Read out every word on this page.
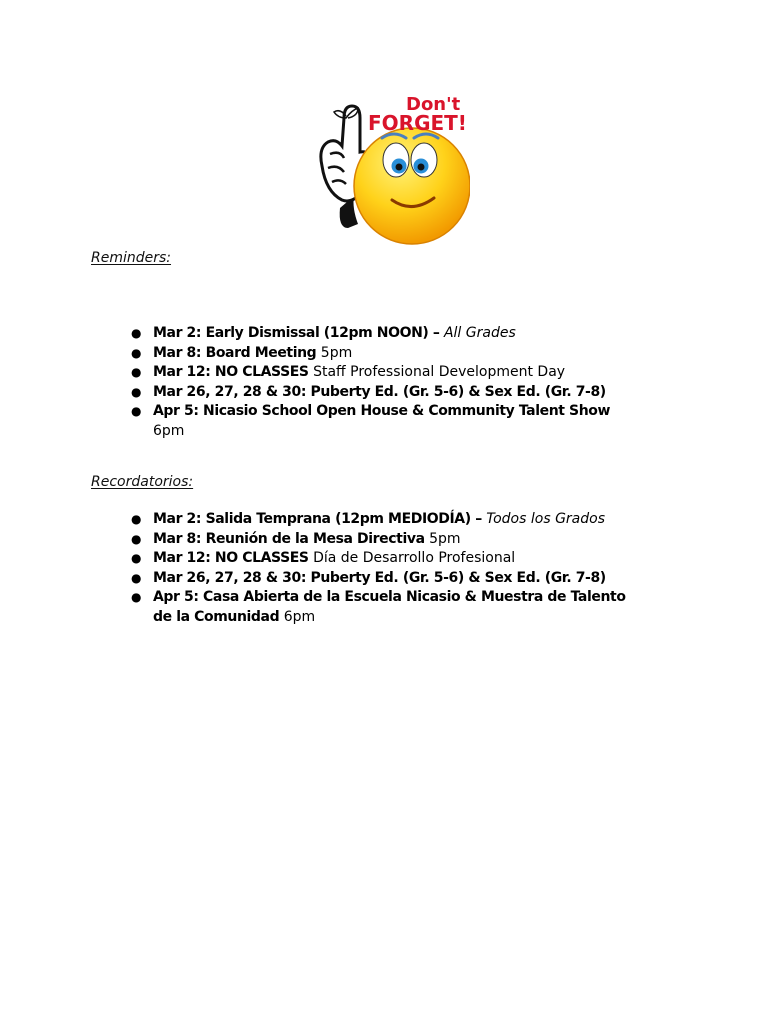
Don't
FORGET!
Reminders:
● Mar 2: Early Dismissal (12pm NOON) – All Grades
● Mar 8: Board Meeting 5pm
● Mar 12: NO CLASSES Staff Professional Development Day
● Mar 26, 27, 28 & 30: Puberty Ed. (Gr. 5-6) & Sex Ed. (Gr. 7-8)
● Apr 5: Nicasio School Open House & Community Talent Show 6pm
Recordatorios:
● Mar 2: Salida Temprana (12pm MEDIODÍA) – Todos los Grados
● Mar 8: Reunión de la Mesa Directiva 5pm
● Mar 12: NO CLASSES Día de Desarrollo Profesional
● Mar 26, 27, 28 & 30: Puberty Ed. (Gr. 5-6) & Sex Ed. (Gr. 7-8)
● Apr 5: Casa Abierta de la Escuela Nicasio & Muestra de Talento de la Comunidad 6pm
